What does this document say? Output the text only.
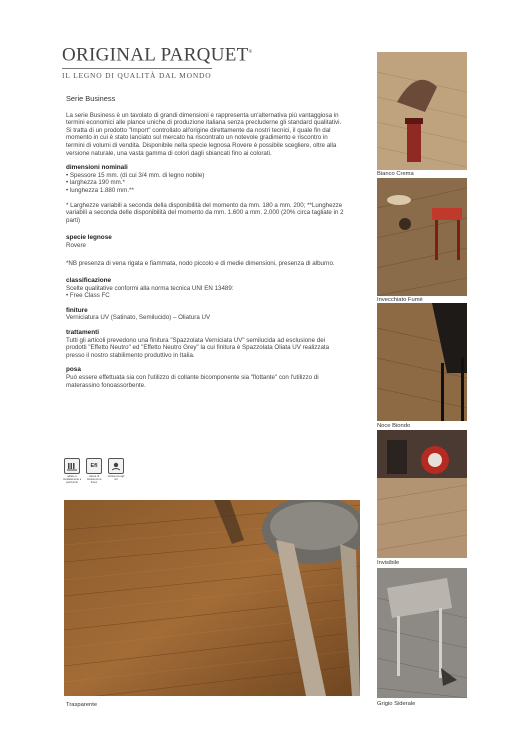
ORIGINAL PARQUET®
IL LEGNO DI QUALITÀ DAL MONDO
Serie Business

La serie Business è un tavolato di grandi dimensioni e rappresenta un'alternativa più vantaggiosa in termini economici alle plance uniche di produzione italiana senza precluderne gli standard qualitativi. Si tratta di un prodotto "Import" controllato all'origine direttamente da nostri tecnici, il quale fin dal momento in cui è stato lanciato sul mercato ha riscontrato un notevole gradimento e riscontro in termini di volumi di vendita. Disponibile nella specie legnosa Rovere è possibile scegliere, oltre alla versione naturale, una vasta gamma di colori dagli sbiancati fino ai colorati.

dimensioni nominali
• Spessore 15 mm. (di cui 3/4 mm. di legno nobile)
• larghezza 190 mm.*
• lunghezza 1.880 mm.**

* Larghezze variabili a seconda della disponibilità del momento da mm. 180 a mm. 200; **Lunghezze variabili a seconda delle disponibilità del momento da mm. 1.600 a mm. 2.000 (20% circa tagliate in 2 parti)

specie legnose
Rovere

*NB presenza di vena rigata e fiammata, nodo piccolo e di medie dimensioni, presenza di alburno.

classificazione
Scelte qualitative conformi alla norma tecnica UNI EN 13489:
• Free Class FC
finiture
Verniciatura UV (Satinato, Semilucido) – Oliatura UV
trattamenti
Tutti gli articoli prevedono una finitura "Spazzolata Verniciata UV" semilucida ad esclusione dei prodotti "Effetto Neutro" ed "Effetto Neutro Grey" la cui finitura è Spazzolata Oliata UV realizzata presso il nostro stabilimento produttivo in Italia.
posa
Può essere effettuata sia con l'utilizzo di collante bicomponente sia "flottante" con l'utilizzo di materassino fonoassorbente.
adatto a riscaldamento a pavimento
Efl
classe di resistenza al fuoco
resistenza agli urti
Trasparente
Bianco Crema
Invecchiato Fumè
Noce Biondo
Invisibile
Grigio Siderale
